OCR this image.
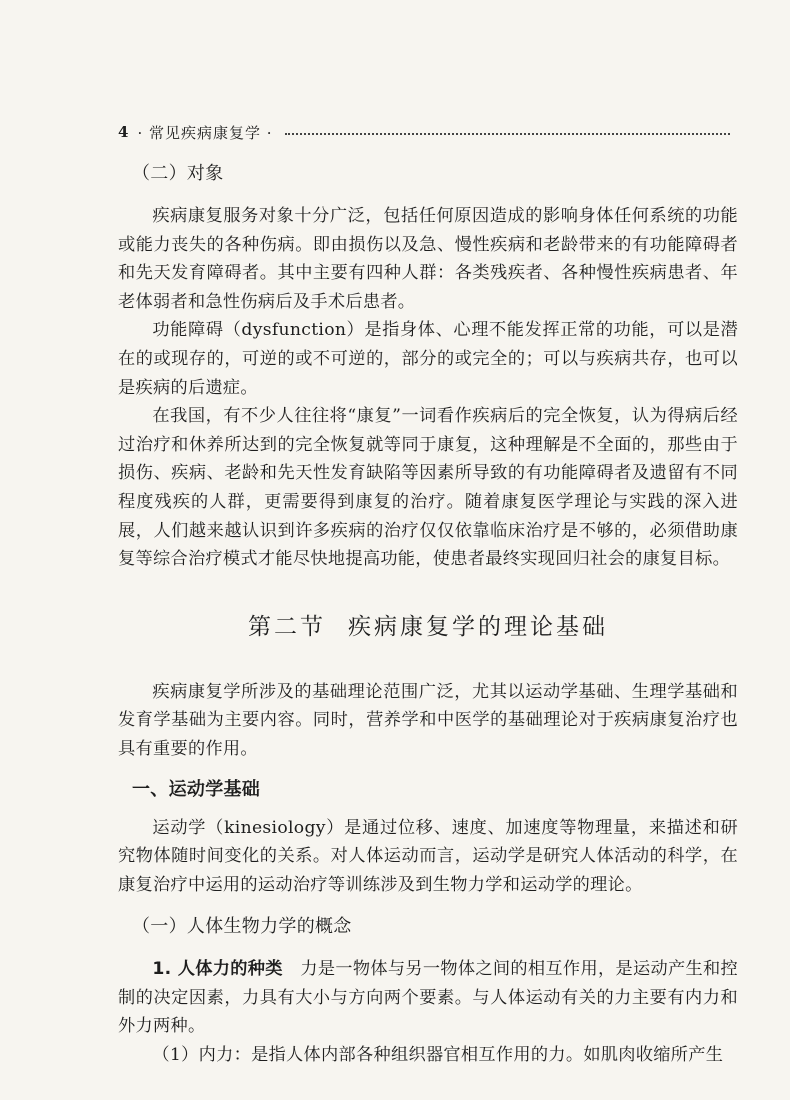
4 · 常见疾病康复学 ·
（二）对象

疾病康复服务对象十分广泛，包括任何原因造成的影响身体任何系统的功能或能力丧失的各种伤病。即由损伤以及急、慢性疾病和老龄带来的有功能障碍者和先天发育障碍者。其中主要有四种人群：各类残疾者、各种慢性疾病患者、年老体弱者和急性伤病后及手术后患者。

功能障碍（dysfunction）是指身体、心理不能发挥正常的功能，可以是潜在的或现存的，可逆的或不可逆的，部分的或完全的；可以与疾病共存，也可以是疾病的后遗症。

在我国，有不少人往往将“康复”一词看作疾病后的完全恢复，认为得病后经过治疗和休养所达到的完全恢复就等同于康复，这种理解是不全面的，那些由于损伤、疾病、老龄和先天性发育缺陷等因素所导致的有功能障碍者及遗留有不同程度残疾的人群，更需要得到康复的治疗。随着康复医学理论与实践的深入进展，人们越来越认识到许多疾病的治疗仅仅依靠临床治疗是不够的，必须借助康复等综合治疗模式才能尽快地提高功能，使患者最终实现回归社会的康复目标。

第二节 疾病康复学的理论基础

疾病康复学所涉及的基础理论范围广泛，尤其以运动学基础、生理学基础和发育学基础为主要内容。同时，营养学和中医学的基础理论对于疾病康复治疗也具有重要的作用。

一、运动学基础

运动学（kinesiology）是通过位移、速度、加速度等物理量，来描述和研究物体随时间变化的关系。对人体运动而言，运动学是研究人体活动的科学，在康复治疗中运用的运动治疗等训练涉及到生物力学和运动学的理论。

（一）人体生物力学的概念

1. 人体力的种类　 力是一物体与另一物体之间的相互作用，是运动产生和控制的决定因素，力具有大小与方向两个要素。与人体运动有关的力主要有内力和外力两种。

（1）内力：是指人体内部各种组织器官相互作用的力。如肌肉收缩所产生
